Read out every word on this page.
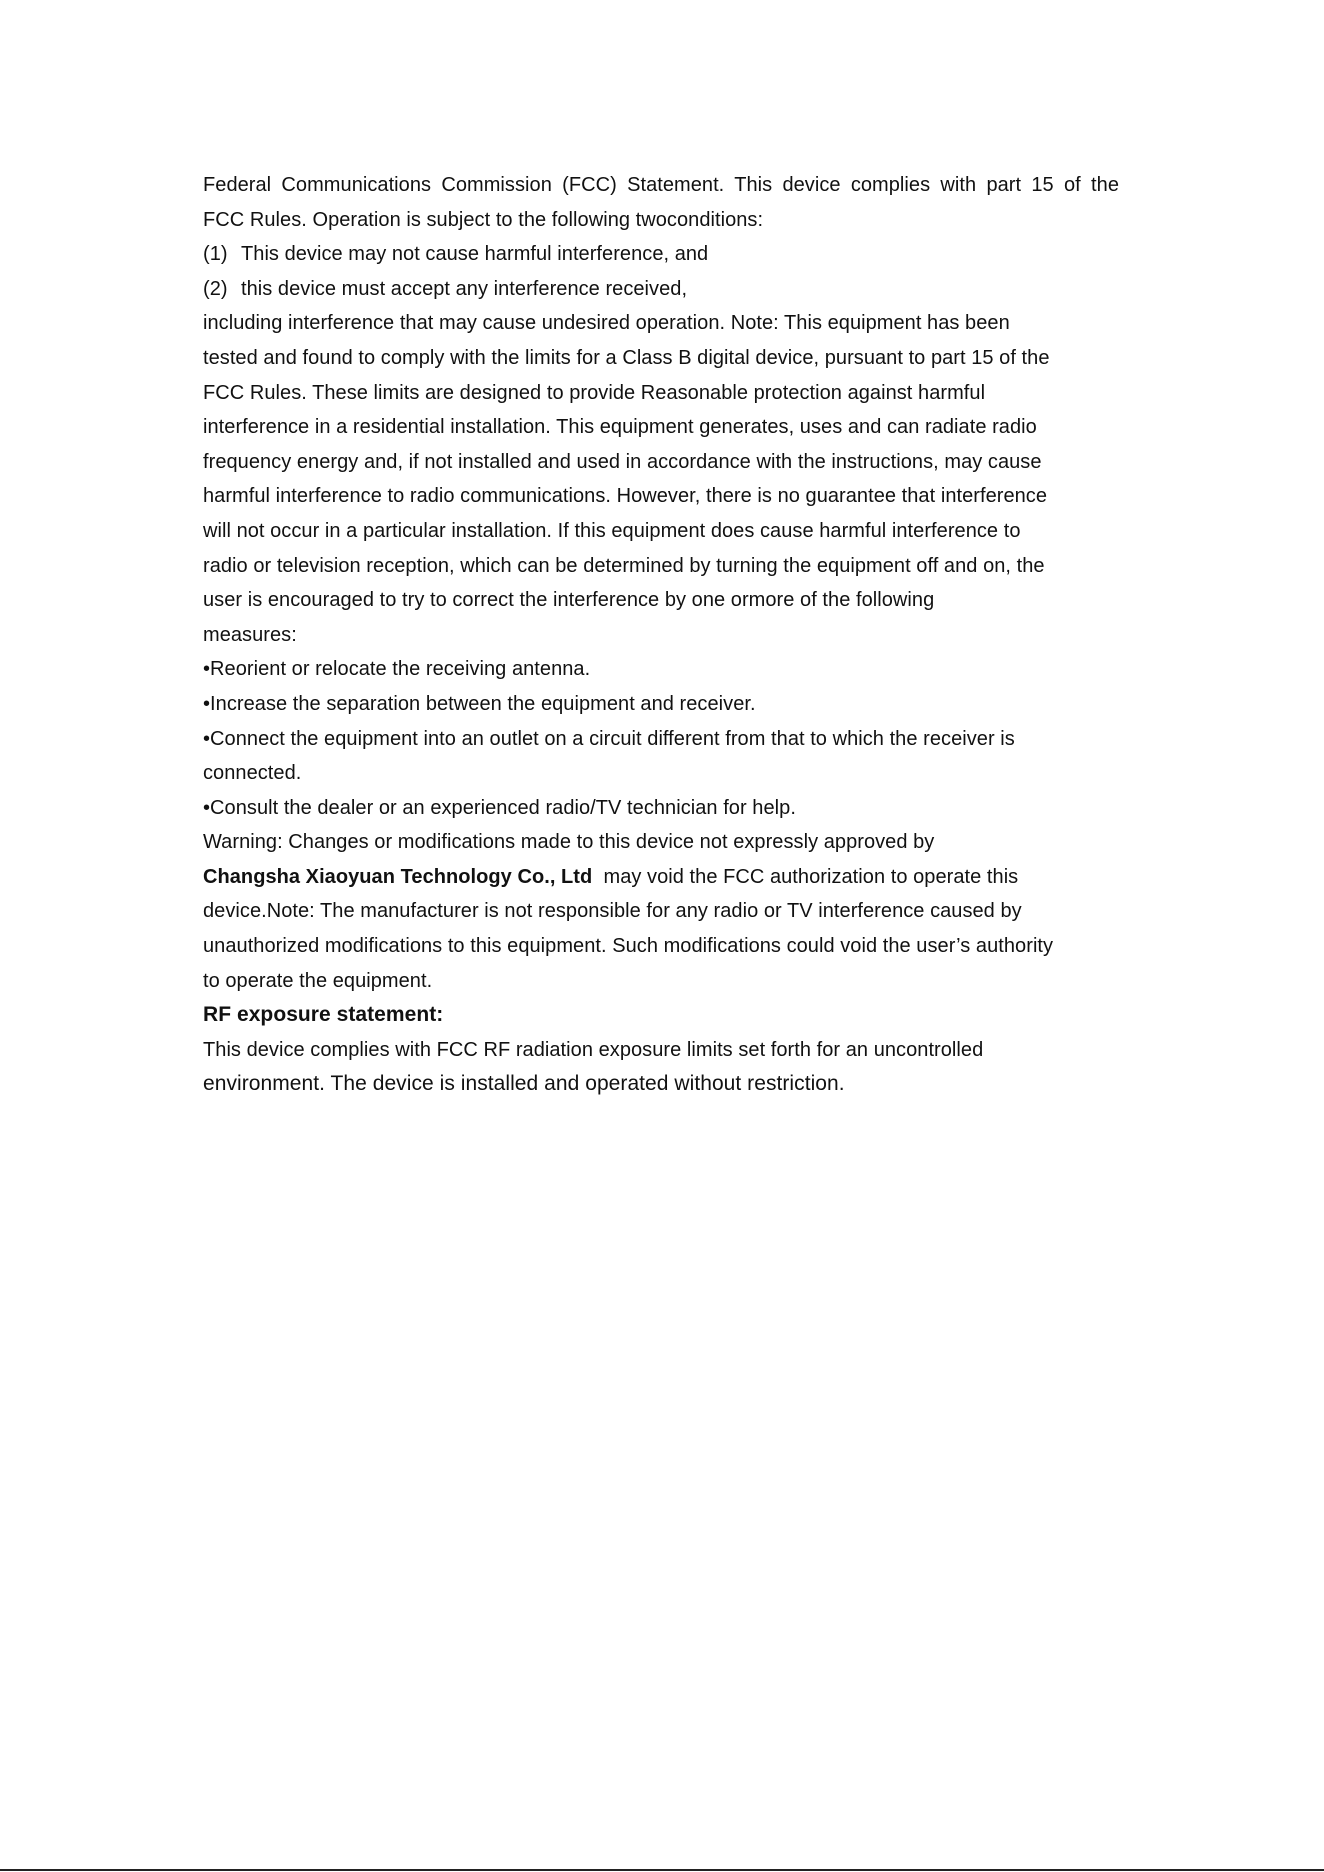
Federal Communications Commission (FCC) Statement. This device complies with part 15 of the
FCC Rules. Operation is subject to the following twoconditions:
(1) This device may not cause harmful interference, and
(2) this device must accept any interference received,
including interference that may cause undesired operation. Note: This equipment has been
tested and found to comply with the limits for a Class B digital device, pursuant to part 15 of the
FCC Rules. These limits are designed to provide Reasonable protection against harmful
interference in a residential installation. This equipment generates, uses and can radiate radio
frequency energy and, if not installed and used in accordance with the instructions, may cause
harmful interference to radio communications. However, there is no guarantee that interference
will not occur in a particular installation. If this equipment does cause harmful interference to
radio or television reception, which can be determined by turning the equipment off and on, the
user is encouraged to try to correct the interference by one ormore of the following
measures:
•Reorient or relocate the receiving antenna.
•Increase the separation between the equipment and receiver.
•Connect the equipment into an outlet on a circuit different from that to which the receiver is
connected.
•Consult the dealer or an experienced radio/TV technician for help.
Warning: Changes or modifications made to this device not expressly approved by
Changsha Xiaoyuan Technology Co., Ltd may void the FCC authorization to operate this
device.Note: The manufacturer is not responsible for any radio or TV interference caused by
unauthorized modifications to this equipment. Such modifications could void the user’s authority
to operate the equipment.
RF exposure statement:
This device complies with FCC RF radiation exposure limits set forth for an uncontrolled
environment. The device is installed and operated without restriction.
